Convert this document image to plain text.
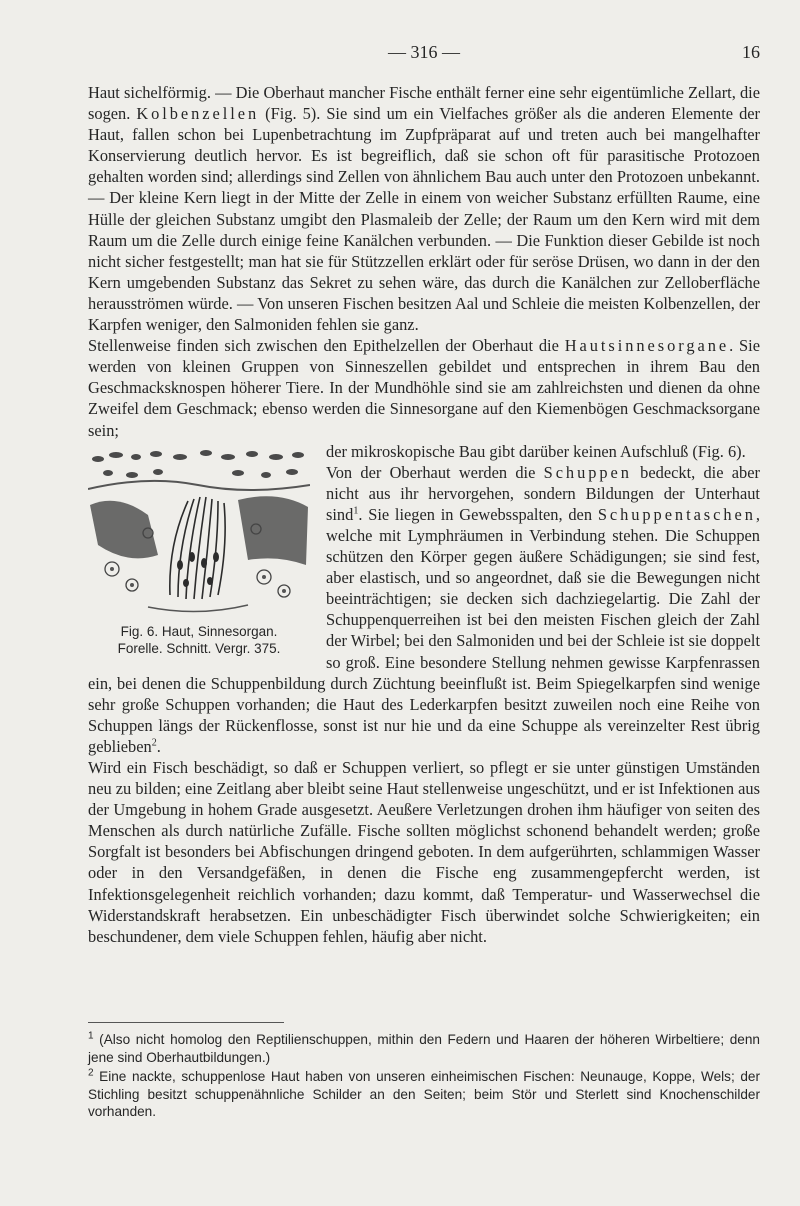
— 316 —	16

Haut sichelförmig. — Die Oberhaut mancher Fische enthält ferner eine sehr eigentümliche Zellart, die sogen. Kolbenzellen (Fig. 5). Sie sind um ein Vielfaches größer als die anderen Elemente der Haut, fallen schon bei Lupenbetrachtung im Zupfpräparat auf und treten auch bei mangelhafter Konservierung deutlich hervor. Es ist begreiflich, daß sie schon oft für parasitische Protozoen gehalten worden sind; allerdings sind Zellen von ähnlichem Bau auch unter den Protozoen unbekannt. — Der kleine Kern liegt in der Mitte der Zelle in einem von weicher Substanz erfüllten Raume, eine Hülle der gleichen Substanz umgibt den Plasmaleib der Zelle; der Raum um den Kern wird mit dem Raum um die Zelle durch einige feine Kanälchen verbunden. — Die Funktion dieser Gebilde ist noch nicht sicher festgestellt; man hat sie für Stützzellen erklärt oder für seröse Drüsen, wo dann in der den Kern umgebenden Substanz das Sekret zu sehen wäre, das durch die Kanälchen zur Zelloberfläche herausströmen würde. — Von unseren Fischen besitzen Aal und Schleie die meisten Kolbenzellen, der Karpfen weniger, den Salmoniden fehlen sie ganz.

Stellenweise finden sich zwischen den Epithelzellen der Oberhaut die Hautsinnesorgane. Sie werden von kleinen Gruppen von Sinneszellen gebildet und entsprechen in ihrem Bau den Geschmacksknospen höherer Tiere. In der Mundhöhle sind sie am zahlreichsten und dienen da ohne Zweifel dem Geschmack; ebenso werden die Sinnesorgane auf den Kiemenbögen Geschmacksorgane sein;

Fig. 6. Haut, Sinnesorgan.
Forelle. Schnitt. Vergr. 375.

der mikroskopische Bau gibt darüber keinen Aufschluß (Fig. 6).

Von der Oberhaut werden die Schuppen bedeckt, die aber nicht aus ihr hervorgehen, sondern Bildungen der Unterhaut sind$^1$. Sie liegen in Gewebsspalten, den Schuppentaschen, welche mit Lymphräumen in Verbindung stehen. Die Schuppen schützen den Körper gegen äußere Schädigungen; sie sind fest, aber elastisch, und so angeordnet, daß sie die Bewegungen nicht beeinträchtigen; sie decken sich dachziegelartig. Die Zahl der Schuppenquerreihen ist bei den meisten Fischen gleich der Zahl der Wirbel; bei den Salmoniden und bei der Schleie ist sie doppelt so groß. Eine besondere Stellung nehmen gewisse Karpfenrassen ein, bei denen die Schuppenbildung durch Züchtung beeinflußt ist. Beim Spiegelkarpfen sind wenige sehr große Schuppen vorhanden; die Haut des Lederkarpfen besitzt zuweilen noch eine Reihe von Schuppen längs der Rückenflosse, sonst ist nur hie und da eine Schuppe als vereinzelter Rest übrig geblieben$^2$.

Wird ein Fisch beschädigt, so daß er Schuppen verliert, so pflegt er sie unter günstigen Umständen neu zu bilden; eine Zeitlang aber bleibt seine Haut stellenweise ungeschützt, und er ist Infektionen aus der Umgebung in hohem Grade ausgesetzt. Aeußere Verletzungen drohen ihm häufiger von seiten des Menschen als durch natürliche Zufälle. Fische sollten möglichst schonend behandelt werden; große Sorgfalt ist besonders bei Abfischungen dringend geboten. In dem aufgerührten, schlammigen Wasser oder in den Versandgefäßen, in denen die Fische eng zusammengepfercht werden, ist Infektionsgelegenheit reichlich vorhanden; dazu kommt, daß Temperatur- und Wasserwechsel die Widerstandskraft herabsetzen. Ein unbeschädigter Fisch überwindet solche Schwierigkeiten; ein beschundener, dem viele Schuppen fehlen, häufig aber nicht.

$^1$ (Also nicht homolog den Reptilienschuppen, mithin den Federn und Haaren der höheren Wirbeltiere; denn jene sind Oberhautbildungen.)

$^2$ Eine nackte, schuppenlose Haut haben von unseren einheimischen Fischen: Neunauge, Koppe, Wels; der Stichling besitzt schuppenähnliche Schilder an den Seiten; beim Stör und Sterlett sind Knochenschilder vorhanden.
